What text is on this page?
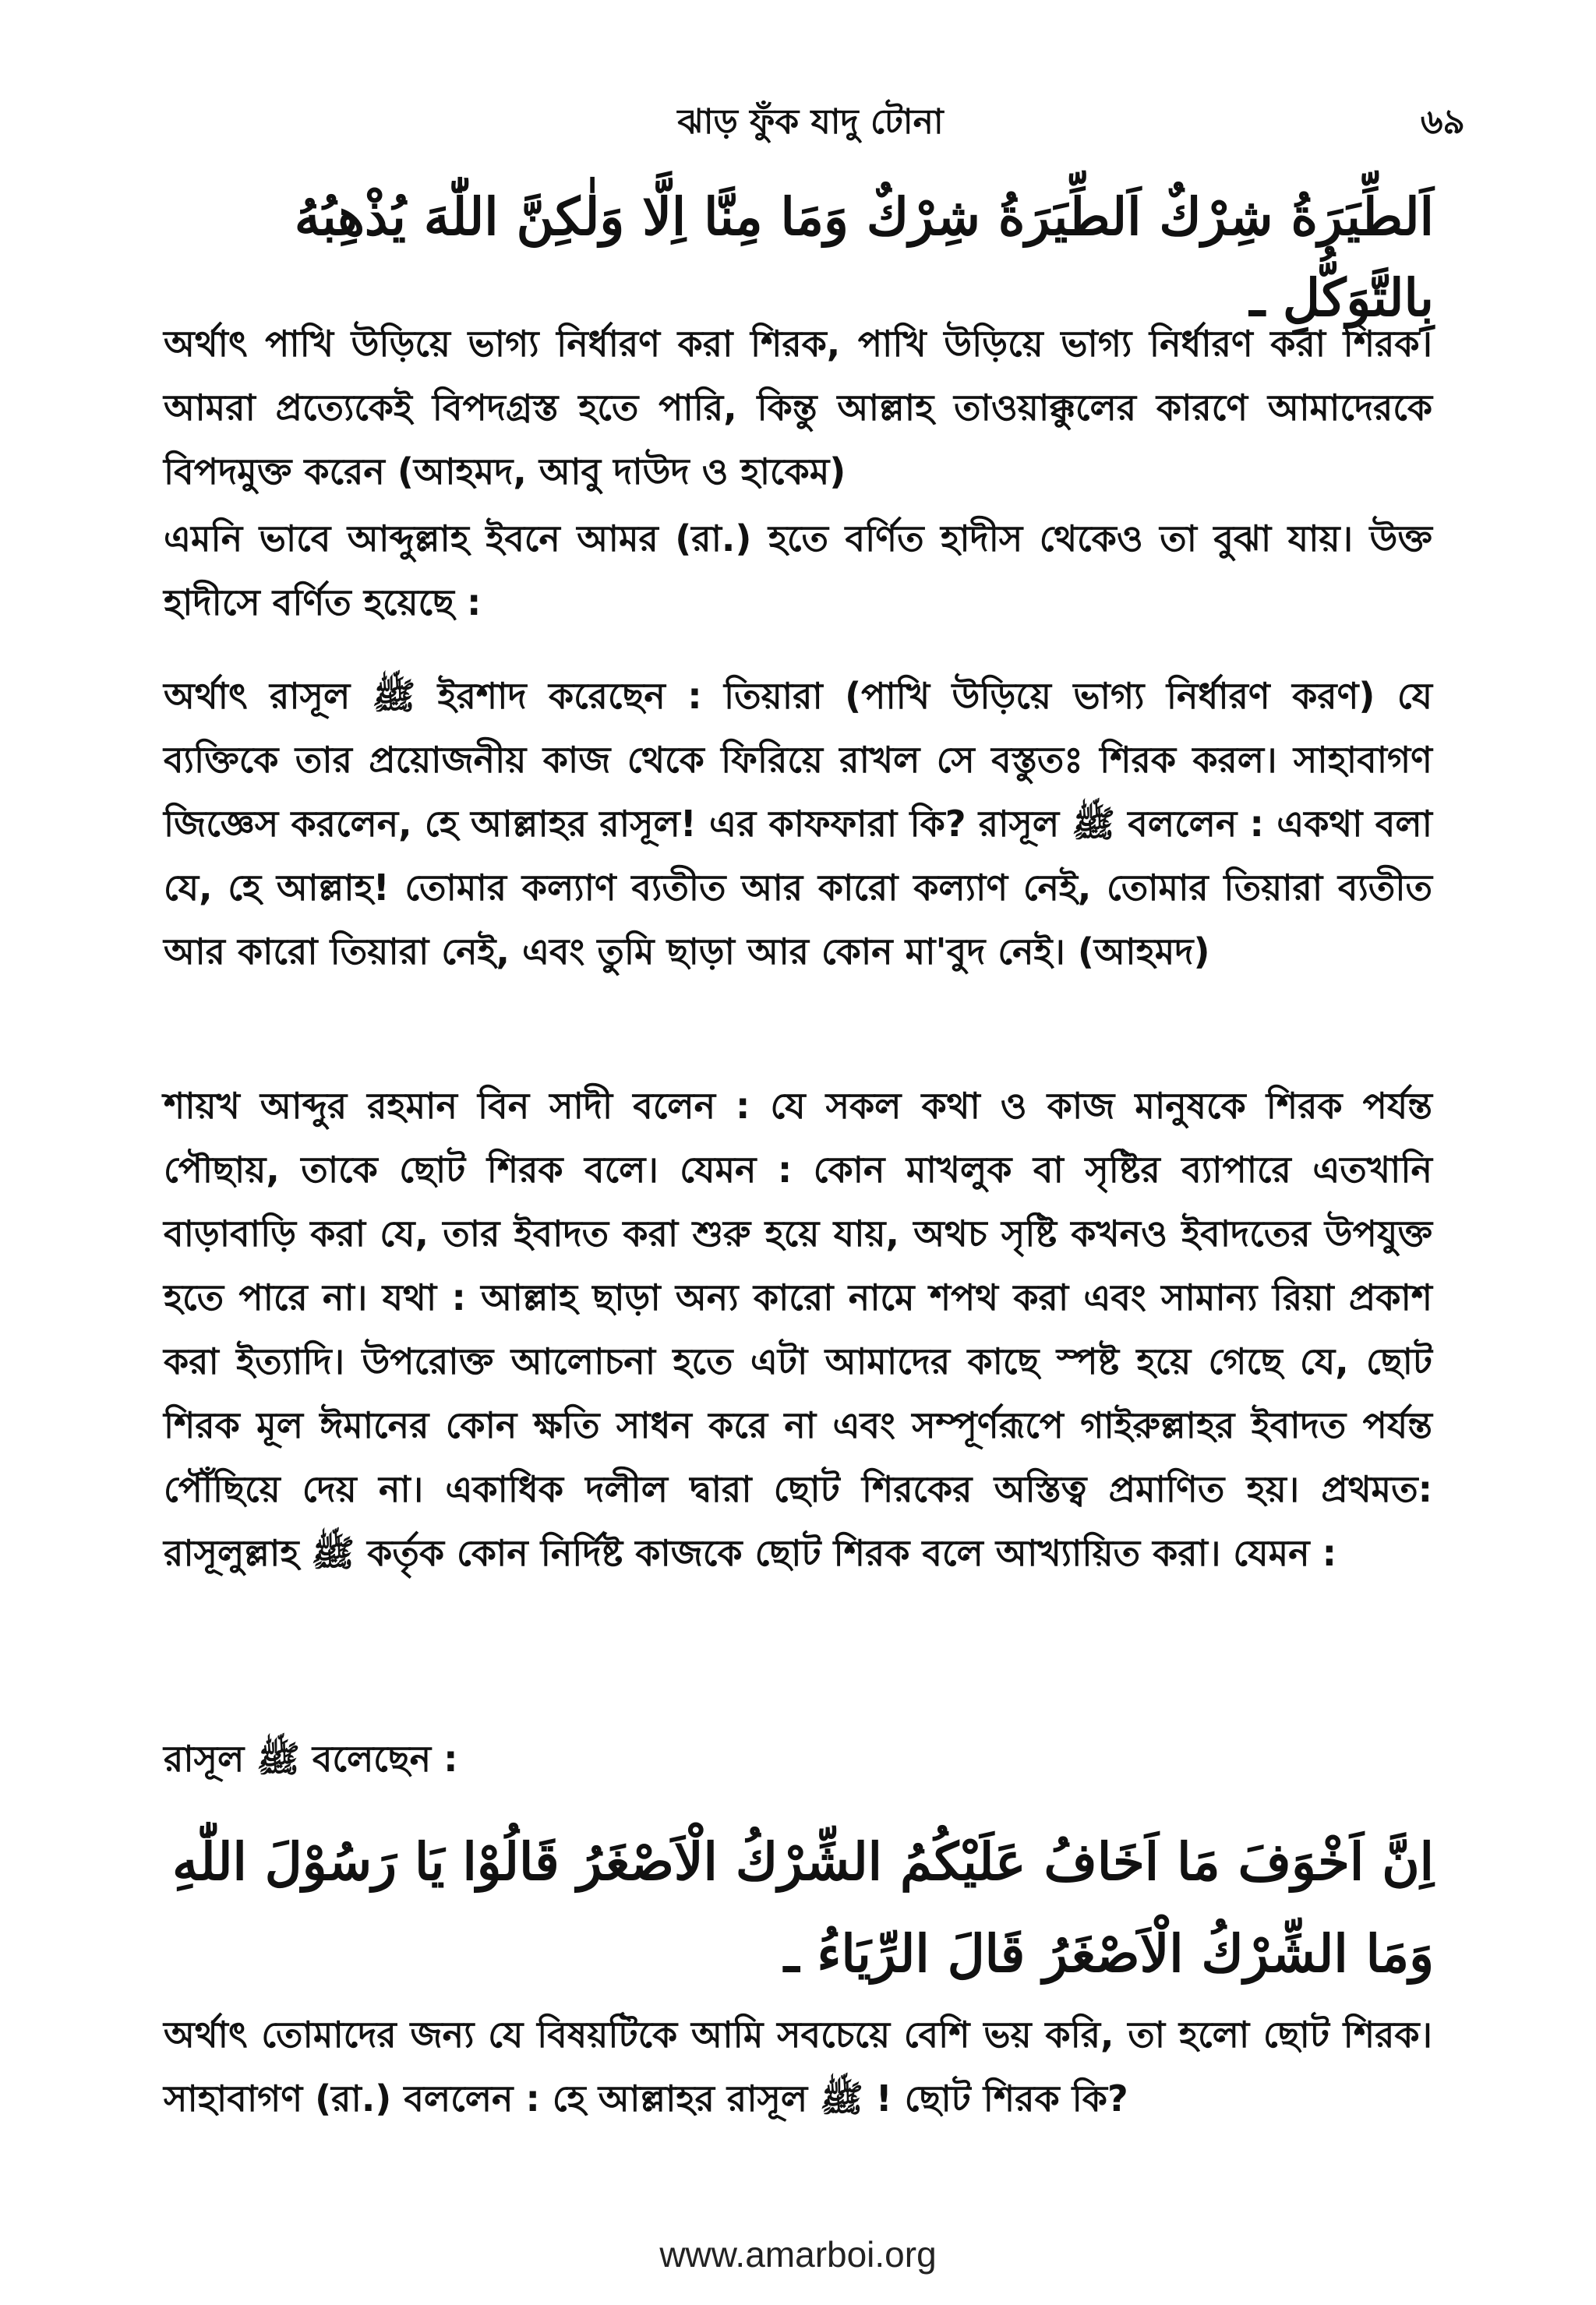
ঝাড় ফুঁক যাদু টোনা	৬৯
اَلطِّيَرَةُ شِرْكٌ اَلطِّيَرَةُ شِرْكٌ وَمَا مِنَّا اِلَّا وَلٰكِنَّ اللّٰهَ يُذْهِبُهُ بِالتَّوَكُّلِ ـ

অর্থাৎ পাখি উড়িয়ে ভাগ্য নির্ধারণ করা শিরক, পাখি উড়িয়ে ভাগ্য নির্ধারণ করা শিরক। আমরা প্রত্যেকেই বিপদগ্রস্ত হতে পারি, কিন্তু আল্লাহ তাওয়াক্কুলের কারণে আমাদেরকে বিপদমুক্ত করেন (আহমদ, আবু দাউদ ও হাকেম)

এমনি ভাবে আব্দুল্লাহ ইবনে আমর (রা.) হতে বর্ণিত হাদীস থেকেও তা বুঝা যায়। উক্ত হাদীসে বর্ণিত হয়েছে :

অর্থাৎ রাসূল ﷺ ইরশাদ করেছেন : তিয়ারা (পাখি উড়িয়ে ভাগ্য নির্ধারণ করণ) যে ব্যক্তিকে তার প্রয়োজনীয় কাজ থেকে ফিরিয়ে রাখল সে বস্তুতঃ শিরক করল। সাহাবাগণ জিজ্ঞেস করলেন, হে আল্লাহর রাসূল! এর কাফফারা কি? রাসূল ﷺ বললেন : একথা বলা যে, হে আল্লাহ! তোমার কল্যাণ ব্যতীত আর কারো কল্যাণ নেই, তোমার তিয়ারা ব্যতীত আর কারো তিয়ারা নেই, এবং তুমি ছাড়া আর কোন মা'বুদ নেই। (আহমদ)

শায়খ আব্দুর রহমান বিন সাদী বলেন : যে সকল কথা ও কাজ মানুষকে শিরক পর্যন্ত পৌছায়, তাকে ছোট শিরক বলে। যেমন : কোন মাখলুক বা সৃষ্টির ব্যাপারে এতখানি বাড়াবাড়ি করা যে, তার ইবাদত করা শুরু হয়ে যায়, অথচ সৃষ্টি কখনও ইবাদতের উপযুক্ত হতে পারে না। যথা : আল্লাহ ছাড়া অন্য কারো নামে শপথ করা এবং সামান্য রিয়া প্রকাশ করা ইত্যাদি। উপরোক্ত আলোচনা হতে এটা আমাদের কাছে স্পষ্ট হয়ে গেছে যে, ছোট শিরক মূল ঈমানের কোন ক্ষতি সাধন করে না এবং সম্পূর্ণরূপে গাইরুল্লাহর ইবাদত পর্যন্ত পৌঁছিয়ে দেয় না। একাধিক দলীল দ্বারা ছোট শিরকের অস্তিত্ব প্রমাণিত হয়। প্রথমত: রাসূলুল্লাহ ﷺ কর্তৃক কোন নির্দিষ্ট কাজকে ছোট শিরক বলে আখ্যায়িত করা। যেমন :

রাসূল ﷺ বলেছেন :

اِنَّ اَخْوَفَ مَا اَخَافُ عَلَيْكُمُ الشِّرْكُ الْاَصْغَرُ قَالُوْا يَا رَسُوْلَ اللّٰهِ وَمَا الشِّرْكُ الْاَصْغَرُ قَالَ الرِّيَاءُ ـ

অর্থাৎ তোমাদের জন্য যে বিষয়টিকে আমি সবচেয়ে বেশি ভয় করি, তা হলো ছোট শিরক। সাহাবাগণ (রা.) বললেন : হে আল্লাহর রাসূল ﷺ ! ছোট শিরক কি?

www.amarboi.org
